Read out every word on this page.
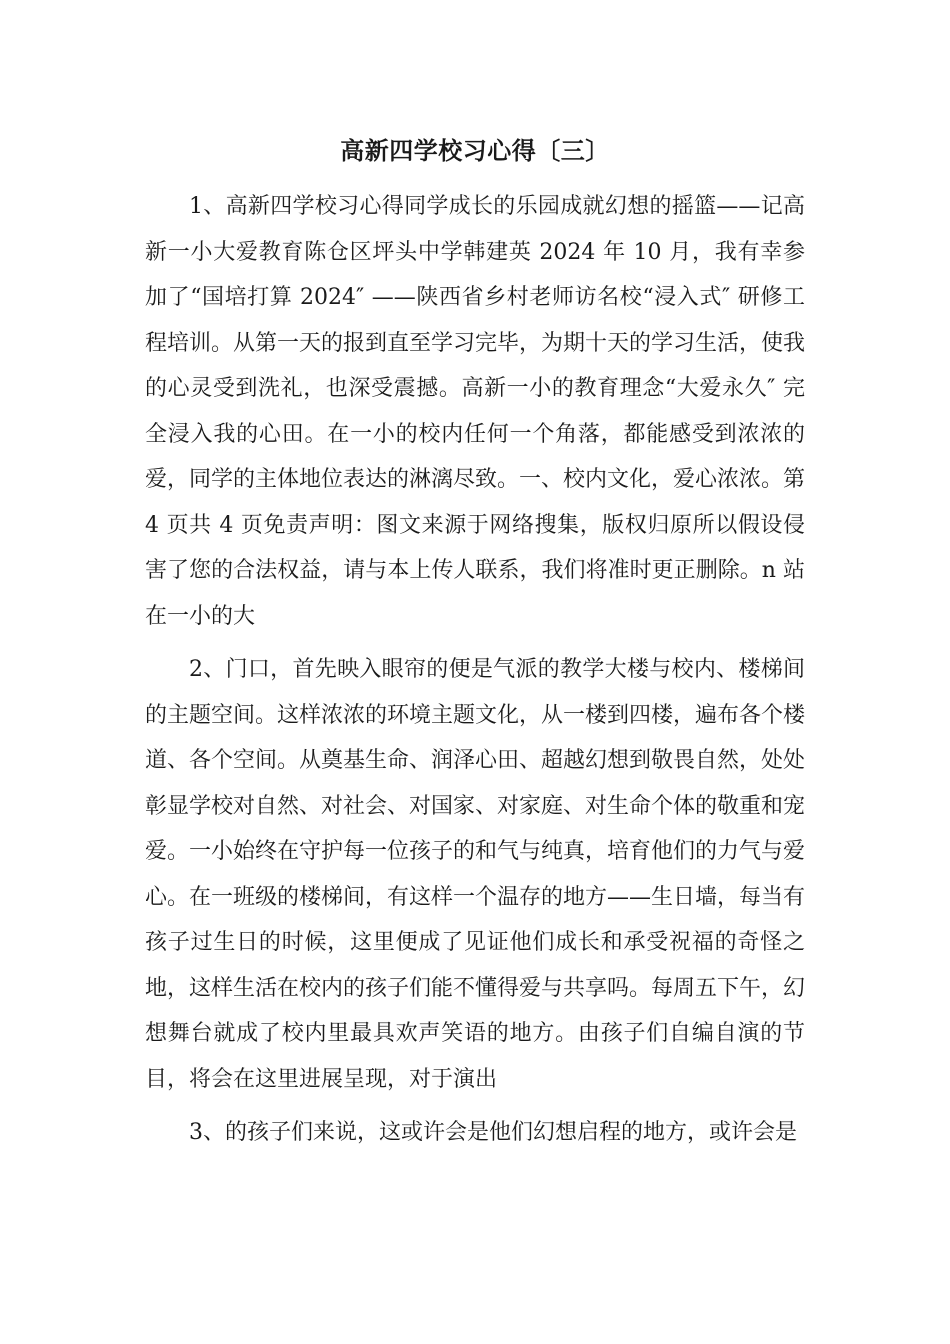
高新四学校习心得〔三〕

1、高新四学校习心得同学成长的乐园成就幻想的摇篮——记高新一小大爱教育陈仓区坪头中学韩建英 2024 年 10 月，我有幸参加了“国培打算 2024″ ——陕西省乡村老师访名校“浸入式″ 研修工程培训。从第一天的报到直至学习完毕，为期十天的学习生活，使我的心灵受到洗礼，也深受震撼。高新一小的教育理念“大爱永久″ 完全浸入我的心田。在一小的校内任何一个角落，都能感受到浓浓的爱，同学的主体地位表达的淋漓尽致。一、校内文化，爱心浓浓。第 4 页共 4 页免责声明：图文来源于网络搜集，版权归原所以假设侵害了您的合法权益，请与本上传人联系，我们将准时更正删除。n 站在一小的大

2、门口，首先映入眼帘的便是气派的教学大楼与校内、楼梯间的主题空间。这样浓浓的环境主题文化，从一楼到四楼，遍布各个楼道、各个空间。从奠基生命、润泽心田、超越幻想到敬畏自然，处处彰显学校对自然、对社会、对国家、对家庭、对生命个体的敬重和宠爱。一小始终在守护每一位孩子的和气与纯真，培育他们的力气与爱心。在一班级的楼梯间，有这样一个温存的地方——生日墙，每当有孩子过生日的时候，这里便成了见证他们成长和承受祝福的奇怪之地，这样生活在校内的孩子们能不懂得爱与共享吗。每周五下午，幻想舞台就成了校内里最具欢声笑语的地方。由孩子们自编自演的节目，将会在这里进展呈现，对于演出

3、的孩子们来说，这或许会是他们幻想启程的地方，或许会是
